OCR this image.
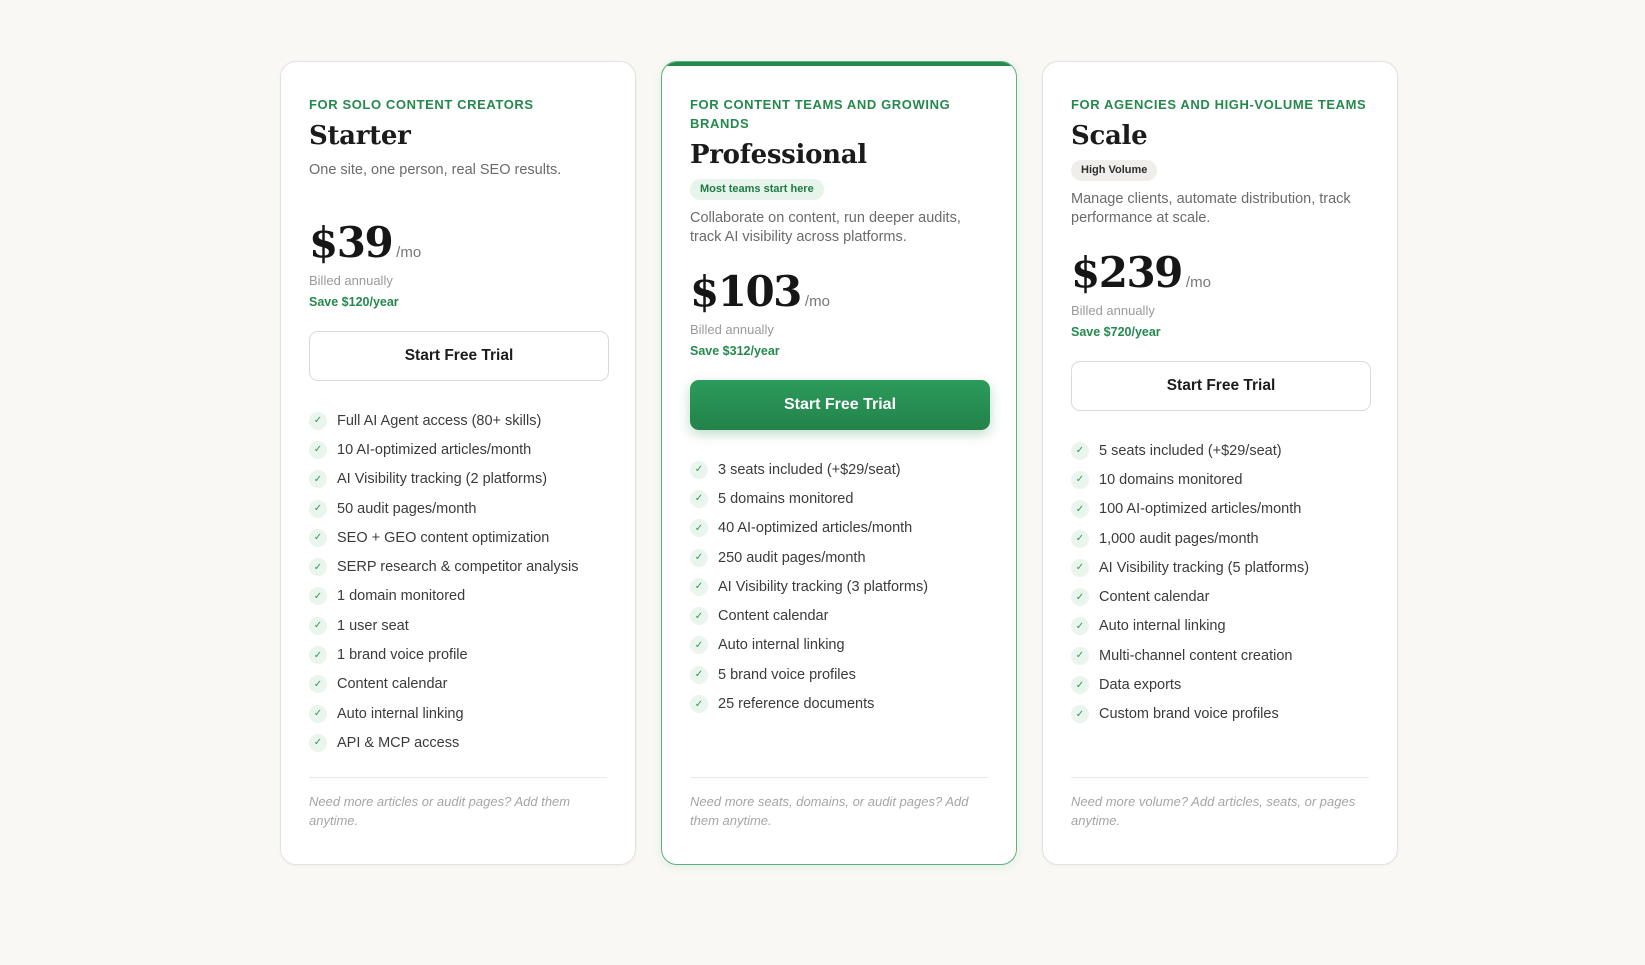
FOR SOLO CONTENT CREATORS
Starter
One site, one person, real SEO results.
$39 /mo
Billed annually
Save $120/year
Start Free Trial
✓	Full AI Agent access (80+ skills)
✓	10 AI-optimized articles/month
✓	AI Visibility tracking (2 platforms)
✓	50 audit pages/month
✓	SEO + GEO content optimization
✓	SERP research & competitor analysis
✓	1 domain monitored
✓	1 user seat
✓	1 brand voice profile
✓	Content calendar
✓	Auto internal linking
✓	API & MCP access
Need more articles or audit pages? Add them anytime.
FOR CONTENT TEAMS AND GROWING BRANDS
Professional
Most teams start here
Collaborate on content, run deeper audits, track AI visibility across platforms.
$103 /mo
Billed annually
Save $312/year
Start Free Trial
✓	3 seats included (+$29/seat)
✓	5 domains monitored
✓	40 AI-optimized articles/month
✓	250 audit pages/month
✓	AI Visibility tracking (3 platforms)
✓	Content calendar
✓	Auto internal linking
✓	5 brand voice profiles
✓	25 reference documents
Need more seats, domains, or audit pages? Add them anytime.
FOR AGENCIES AND HIGH-VOLUME TEAMS
Scale
High Volume
Manage clients, automate distribution, track performance at scale.
$239 /mo
Billed annually
Save $720/year
Start Free Trial
✓	5 seats included (+$29/seat)
✓	10 domains monitored
✓	100 AI-optimized articles/month
✓	1,000 audit pages/month
✓	AI Visibility tracking (5 platforms)
✓	Content calendar
✓	Auto internal linking
✓	Multi-channel content creation
✓	Data exports
✓	Custom brand voice profiles
Need more volume? Add articles, seats, or pages anytime.
